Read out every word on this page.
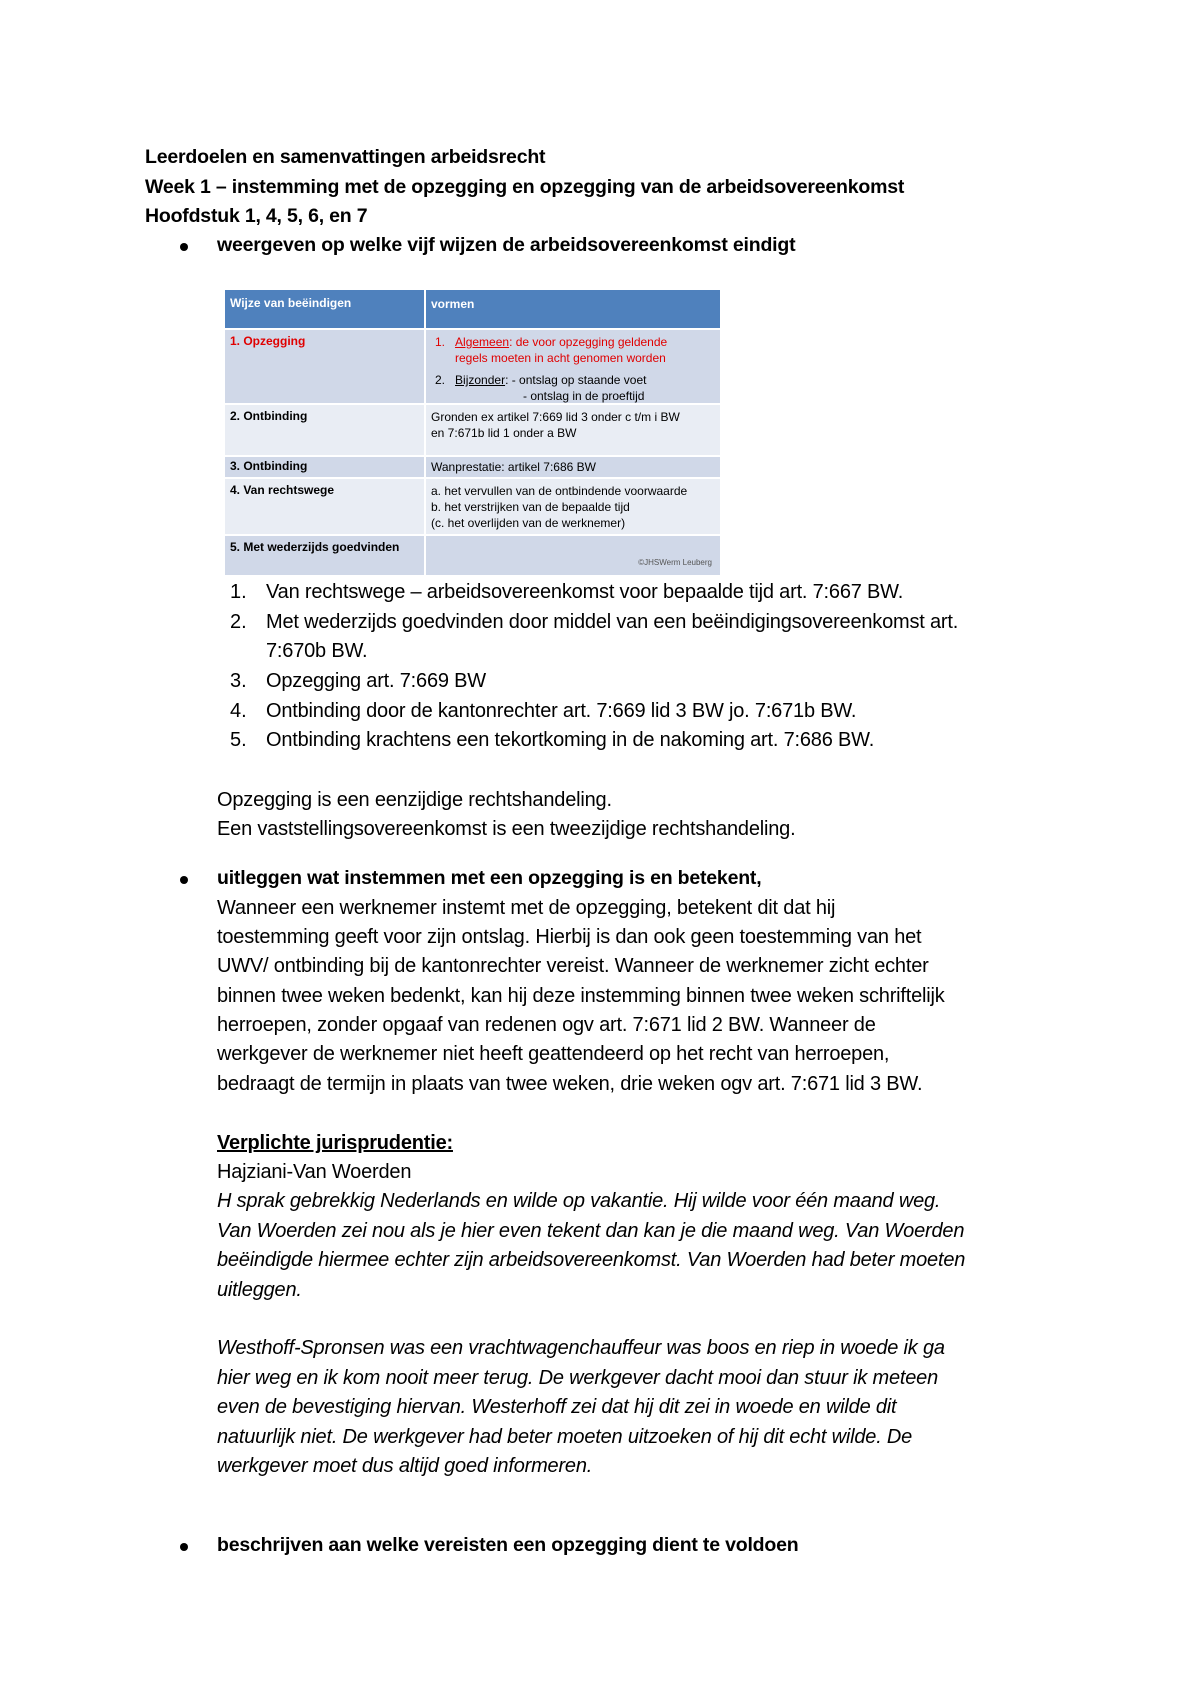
Leerdoelen en samenvattingen arbeidsrecht
Week 1 – instemming met de opzegging en opzegging van de arbeidsovereenkomst
Hoofdstuk 1, 4, 5, 6, en 7
weergeven op welke vijf wijzen de arbeidsovereenkomst eindigt
Wijze van beëindigen	vormen
1. Opzegging	1. Algemeen: de voor opzegging geldende
regels moeten in acht genomen worden
2. Bijzonder: - ontslag op staande voet
- ontslag in de proeftijd
2. Ontbinding	Gronden ex artikel 7:669 lid 3 onder c t/m i BW
en 7:671b lid 1 onder a BW
3. Ontbinding	Wanprestatie: artikel 7:686 BW
4. Van rechtswege	a. het vervullen van de ontbindende voorwaarde
b. het verstrijken van de bepaalde tijd
(c. het overlijden van de werknemer)
5. Met wederzijds goedvinden
©JHSWerm Leuberg
1. Van rechtswege – arbeidsovereenkomst voor bepaalde tijd art. 7:667 BW.
2. Met wederzijds goedvinden door middel van een beëindigingsovereenkomst art.
7:670b BW.
3. Opzegging art. 7:669 BW
4. Ontbinding door de kantonrechter art. 7:669 lid 3 BW jo. 7:671b BW.
5. Ontbinding krachtens een tekortkoming in de nakoming art. 7:686 BW.
Opzegging is een eenzijdige rechtshandeling.
Een vaststellingsovereenkomst is een tweezijdige rechtshandeling.
uitleggen wat instemmen met een opzegging is en betekent,
Wanneer een werknemer instemt met de opzegging, betekent dit dat hij
toestemming geeft voor zijn ontslag. Hierbij is dan ook geen toestemming van het
UWV/ ontbinding bij de kantonrechter vereist. Wanneer de werknemer zicht echter
binnen twee weken bedenkt, kan hij deze instemming binnen twee weken schriftelijk
herroepen, zonder opgaaf van redenen ogv art. 7:671 lid 2 BW. Wanneer de
werkgever de werknemer niet heeft geattendeerd op het recht van herroepen,
bedraagt de termijn in plaats van twee weken, drie weken ogv art. 7:671 lid 3 BW.
Verplichte jurisprudentie:
Hajziani-Van Woerden
H sprak gebrekkig Nederlands en wilde op vakantie. Hij wilde voor één maand weg.
Van Woerden zei nou als je hier even tekent dan kan je die maand weg. Van Woerden
beëindigde hiermee echter zijn arbeidsovereenkomst. Van Woerden had beter moeten
uitleggen.
Westhoff-Spronsen was een vrachtwagenchauffeur was boos en riep in woede ik ga
hier weg en ik kom nooit meer terug. De werkgever dacht mooi dan stuur ik meteen
even de bevestiging hiervan. Westerhoff zei dat hij dit zei in woede en wilde dit
natuurlijk niet. De werkgever had beter moeten uitzoeken of hij dit echt wilde. De
werkgever moet dus altijd goed informeren.
beschrijven aan welke vereisten een opzegging dient te voldoen
